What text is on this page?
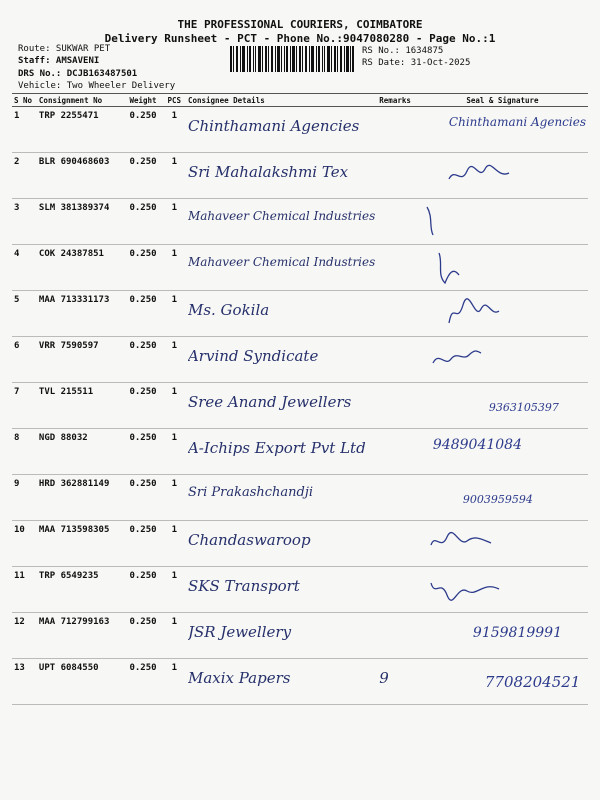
THE PROFESSIONAL COURIERS, COIMBATORE
Delivery Runsheet - PCT - Phone No.:9047080280 - Page No.:1
Route: SUKWAR PET
Staff: AMSAVENI
DRS No.: DCJB163487501
Vehicle: Two Wheeler Delivery
RS No.: 1634875
RS Date: 31-Oct-2025
S No	Consignment No	Weight	PCS	Consignee Details	Remarks	Seal & Signature
1	TRP 2255471	0.250	1	Chinthamani Agencies		Chinthamani Agencies

2	BLR 690468603	0.250	1	Sri Mahalakshmi Tex

3	SLM 381389374	0.250	1	Mahaveer Chemical Industries

4	COK 24387851	0.250	1	Mahaveer Chemical Industries

5	MAA 713331173	0.250	1	Ms. Gokila

6	VRR 7590597	0.250	1	Arvind Syndicate

7	TVL 215511	0.250	1	Sree Anand Jewellers		9363105397

8	NGD 88032	0.250	1	A-Ichips Export Pvt Ltd		9489041084

9	HRD 362881149	0.250	1	Sri Prakashchandji		9003959594

10	MAA 713598305	0.250	1	Chandaswaroop

11	TRP 6549235	0.250	1	SKS Transport

12	MAA 712799163	0.250	1	JSR Jewellery		9159819991

13	UPT 6084550	0.250	1	Maxix Papers	9	7708204521
